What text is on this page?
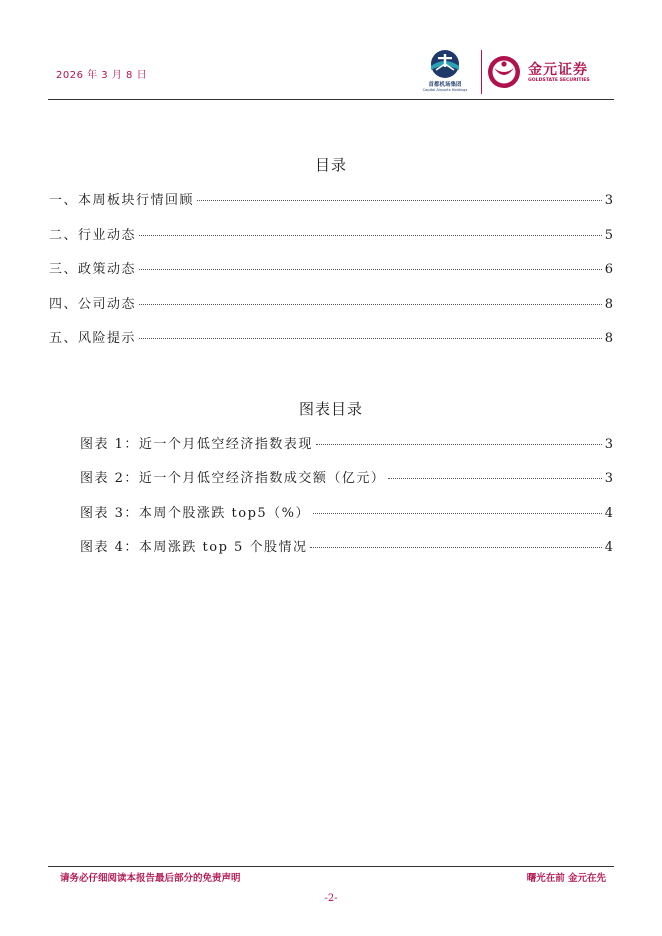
2026 年 3 月 8 日
首都机场集团
Capital Airports Holdings
金元证券
GOLDSTATE SECURITIES
目录
一、本周板块行情回顾	3
二、行业动态	5
三、政策动态	6
四、公司动态	8
五、风险提示	8
图表目录
图表 1：近一个月低空经济指数表现	3
图表 2：近一个月低空经济指数成交额（亿元）	3
图表 3：本周个股涨跌 top5（%）	4
图表 4：本周涨跌 top 5 个股情况	4
请务必仔细阅读本报告最后部分的免责声明	曙光在前 金元在先
-2-
